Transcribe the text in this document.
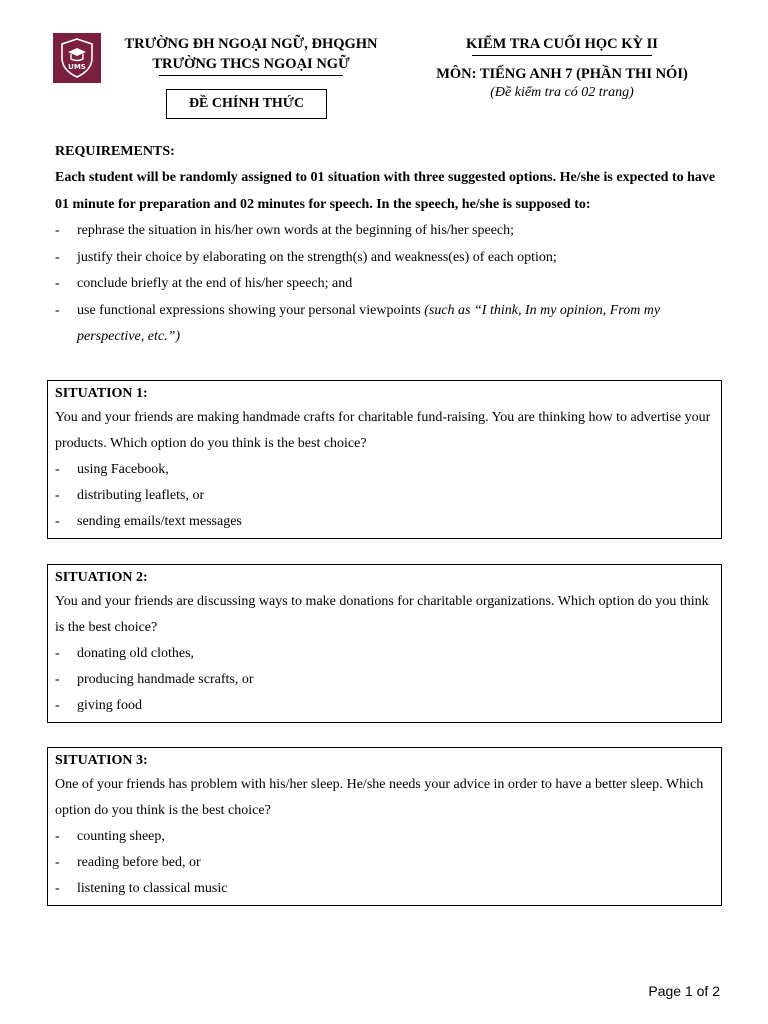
UMS
TRƯỜNG ĐH NGOẠI NGỮ, ĐHQGHN
TRƯỜNG THCS NGOẠI NGỮ
ĐỀ CHÍNH THỨC
KIỂM TRA CUỐI HỌC KỲ II
MÔN: TIẾNG ANH 7 (PHẦN THI NÓI)
(Đề kiểm tra có 02 trang)
REQUIREMENTS:
Each student will be randomly assigned to 01 situation with three suggested options. He/she is expected to have 01 minute for preparation and 02 minutes for speech. In the speech, he/she is supposed to:
- rephrase the situation in his/her own words at the beginning of his/her speech;
- justify their choice by elaborating on the strength(s) and weakness(es) of each option;
- conclude briefly at the end of his/her speech; and
- use functional expressions showing your personal viewpoints (such as “I think, In my opinion, From my perspective, etc.”)
SITUATION 1:
You and your friends are making handmade crafts for charitable fund-raising. You are thinking how to advertise your products. Which option do you think is the best choice?
- using Facebook,
- distributing leaflets, or
- sending emails/text messages
SITUATION 2:
You and your friends are discussing ways to make donations for charitable organizations. Which option do you think is the best choice?
- donating old clothes,
- producing handmade scrafts, or
- giving food
SITUATION 3:
One of your friends has problem with his/her sleep. He/she needs your advice in order to have a better sleep. Which option do you think is the best choice?
- counting sheep,
- reading before bed, or
- listening to classical music
Page 1 of 2
